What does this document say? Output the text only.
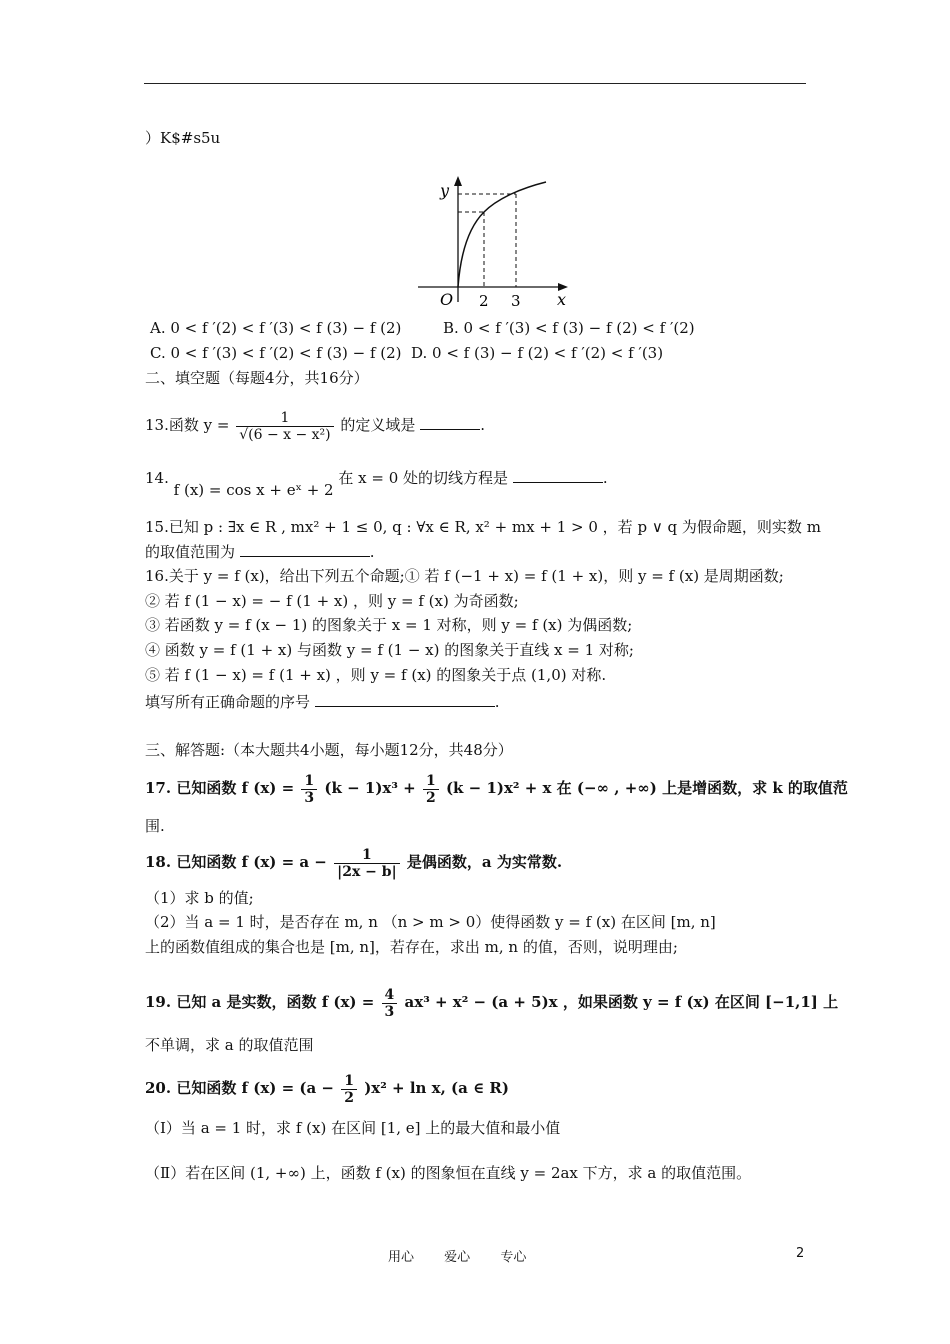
）K$#s5u
y
O 2 3 x
A. 0 < f ′(2) < f ′(3) < f (3) − f (2)	B. 0 < f ′(3) < f (3) − f (2) < f ′(2)
C. 0 < f ′(3) < f ′(2) < f (3) − f (2) D. 0 < f (3) − f (2) < f ′(2) < f ′(3)
二、填空题（每题4分，共16分）
13.函数 $y = \frac{1}{\text{√(6 − x − x²)}}$ 的定义域是	.
14. f (x) = cos x + eˣ + 2 在 x = 0 处的切线方程是	.
15.已知 p : ∃x ∈ R , mx² + 1 ≤ 0, q : ∀x ∈ R, x² + mx + 1 > 0 ，若 p ∨ q 为假命题，则实数 m
的取值范围为	.
16.关于 y = f (x)，给出下列五个命题;① 若 f (−1 + x) = f (1 + x)，则 y = f (x) 是周期函数;
② 若 f (1 − x) = − f (1 + x) ，则 y = f (x) 为奇函数;
③ 若函数 y = f (x − 1) 的图象关于 x = 1 对称，则 y = f (x) 为偶函数;
④ 函数 y = f (1 + x) 与函数 y = f (1 − x) 的图象关于直线 x = 1 对称;
⑤ 若 f (1 − x) = f (1 + x) ，则 y = f (x) 的图象关于点 (1,0) 对称.
填写所有正确命题的序号	.
三、解答题:（本大题共4小题，每小题12分，共48分）
17. 已知函数 f $(x) = \frac{1}{3} (k - 1)x^3 + \frac{1}{2} (k - 1)x^2 + x$ 在 (−∞ , +∞) 上是增函数，求 k 的取值范
围.
18. 已知函数 f $(x) = a - \frac{1}{|2x - b|}$ 是偶函数，a 为实常数.
（1）求 b 的值;
（2）当 a = 1 时，是否存在 m, n （n > m > 0）使得函数 y = f (x) 在区间 [m, n]
上的函数值组成的集合也是 [m, n]，若存在，求出 m, n 的值，否则，说明理由;
19. 已知 a 是实数，函数 f $(x) = \frac{4}{3} ax^3 + x^2 - (a + 5)x$ ，如果函数 y = f (x) 在区间 [−1,1] 上
不单调，求 a 的取值范围
20. 已知函数 f $(x) = (a - \frac{1}{2} )x^2 + \ln x$, (a ∈ R)
（Ⅰ）当 a = 1 时，求 f (x) 在区间 [1, e] 上的最大值和最小值
（Ⅱ）若在区间 (1, +∞) 上，函数 f (x) 的图象恒在直线 y = 2ax 下方，求 a 的取值范围。
用心 爱心 专心	2
